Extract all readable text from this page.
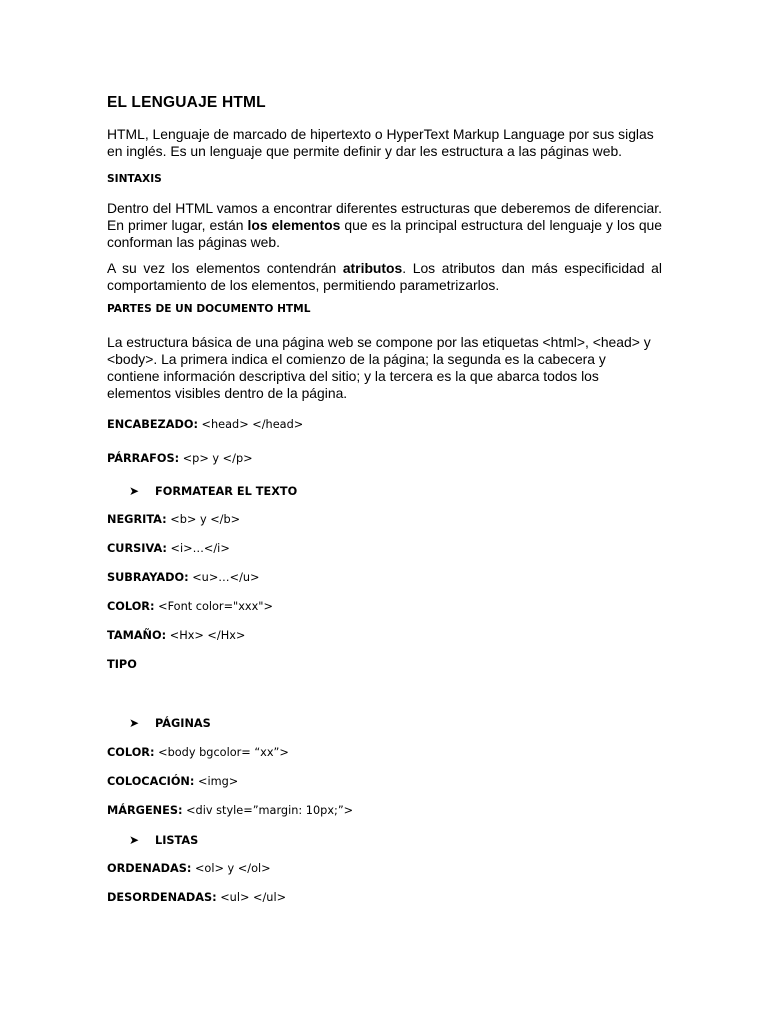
EL LENGUAJE HTML
HTML, Lenguaje de marcado de hipertexto o HyperText Markup Language por sus siglas
en inglés. Es un lenguaje que permite definir y dar les estructura a las páginas web.
SINTAXIS

Dentro del HTML vamos a encontrar diferentes estructuras que deberemos de diferenciar. En primer lugar, están los elementos que es la principal estructura del lenguaje y los que conforman las páginas web.

A su vez los elementos contendrán atributos. Los atributos dan más especificidad al comportamiento de los elementos, permitiendo parametrizarlos.

PARTES DE UN DOCUMENTO HTML

La estructura básica de una página web se compone por las etiquetas <html>, <head> y <body>. La primera indica el comienzo de la página; la segunda es la cabecera y contiene información descriptiva del sitio; y la tercera es la que abarca todos los elementos visibles dentro de la página.

ENCABEZADO: <head> </head>
PÁRRAFOS: <p> y </p>
➤ FORMATEAR EL TEXTO
NEGRITA: <b> y </b>
CURSIVA: <i>…</i>
SUBRAYADO: <u>…</u>
COLOR: <Font color="xxx">
TAMAÑO: <Hx> </Hx>
TIPO
➤ PÁGINAS
COLOR: <body bgcolor= “xx”>
COLOCACIÓN: <img>
MÁRGENES: <div style=”margin: 10px;”>
➤ LISTAS
ORDENADAS: <ol> y </ol>
DESORDENADAS: <ul> </ul>
